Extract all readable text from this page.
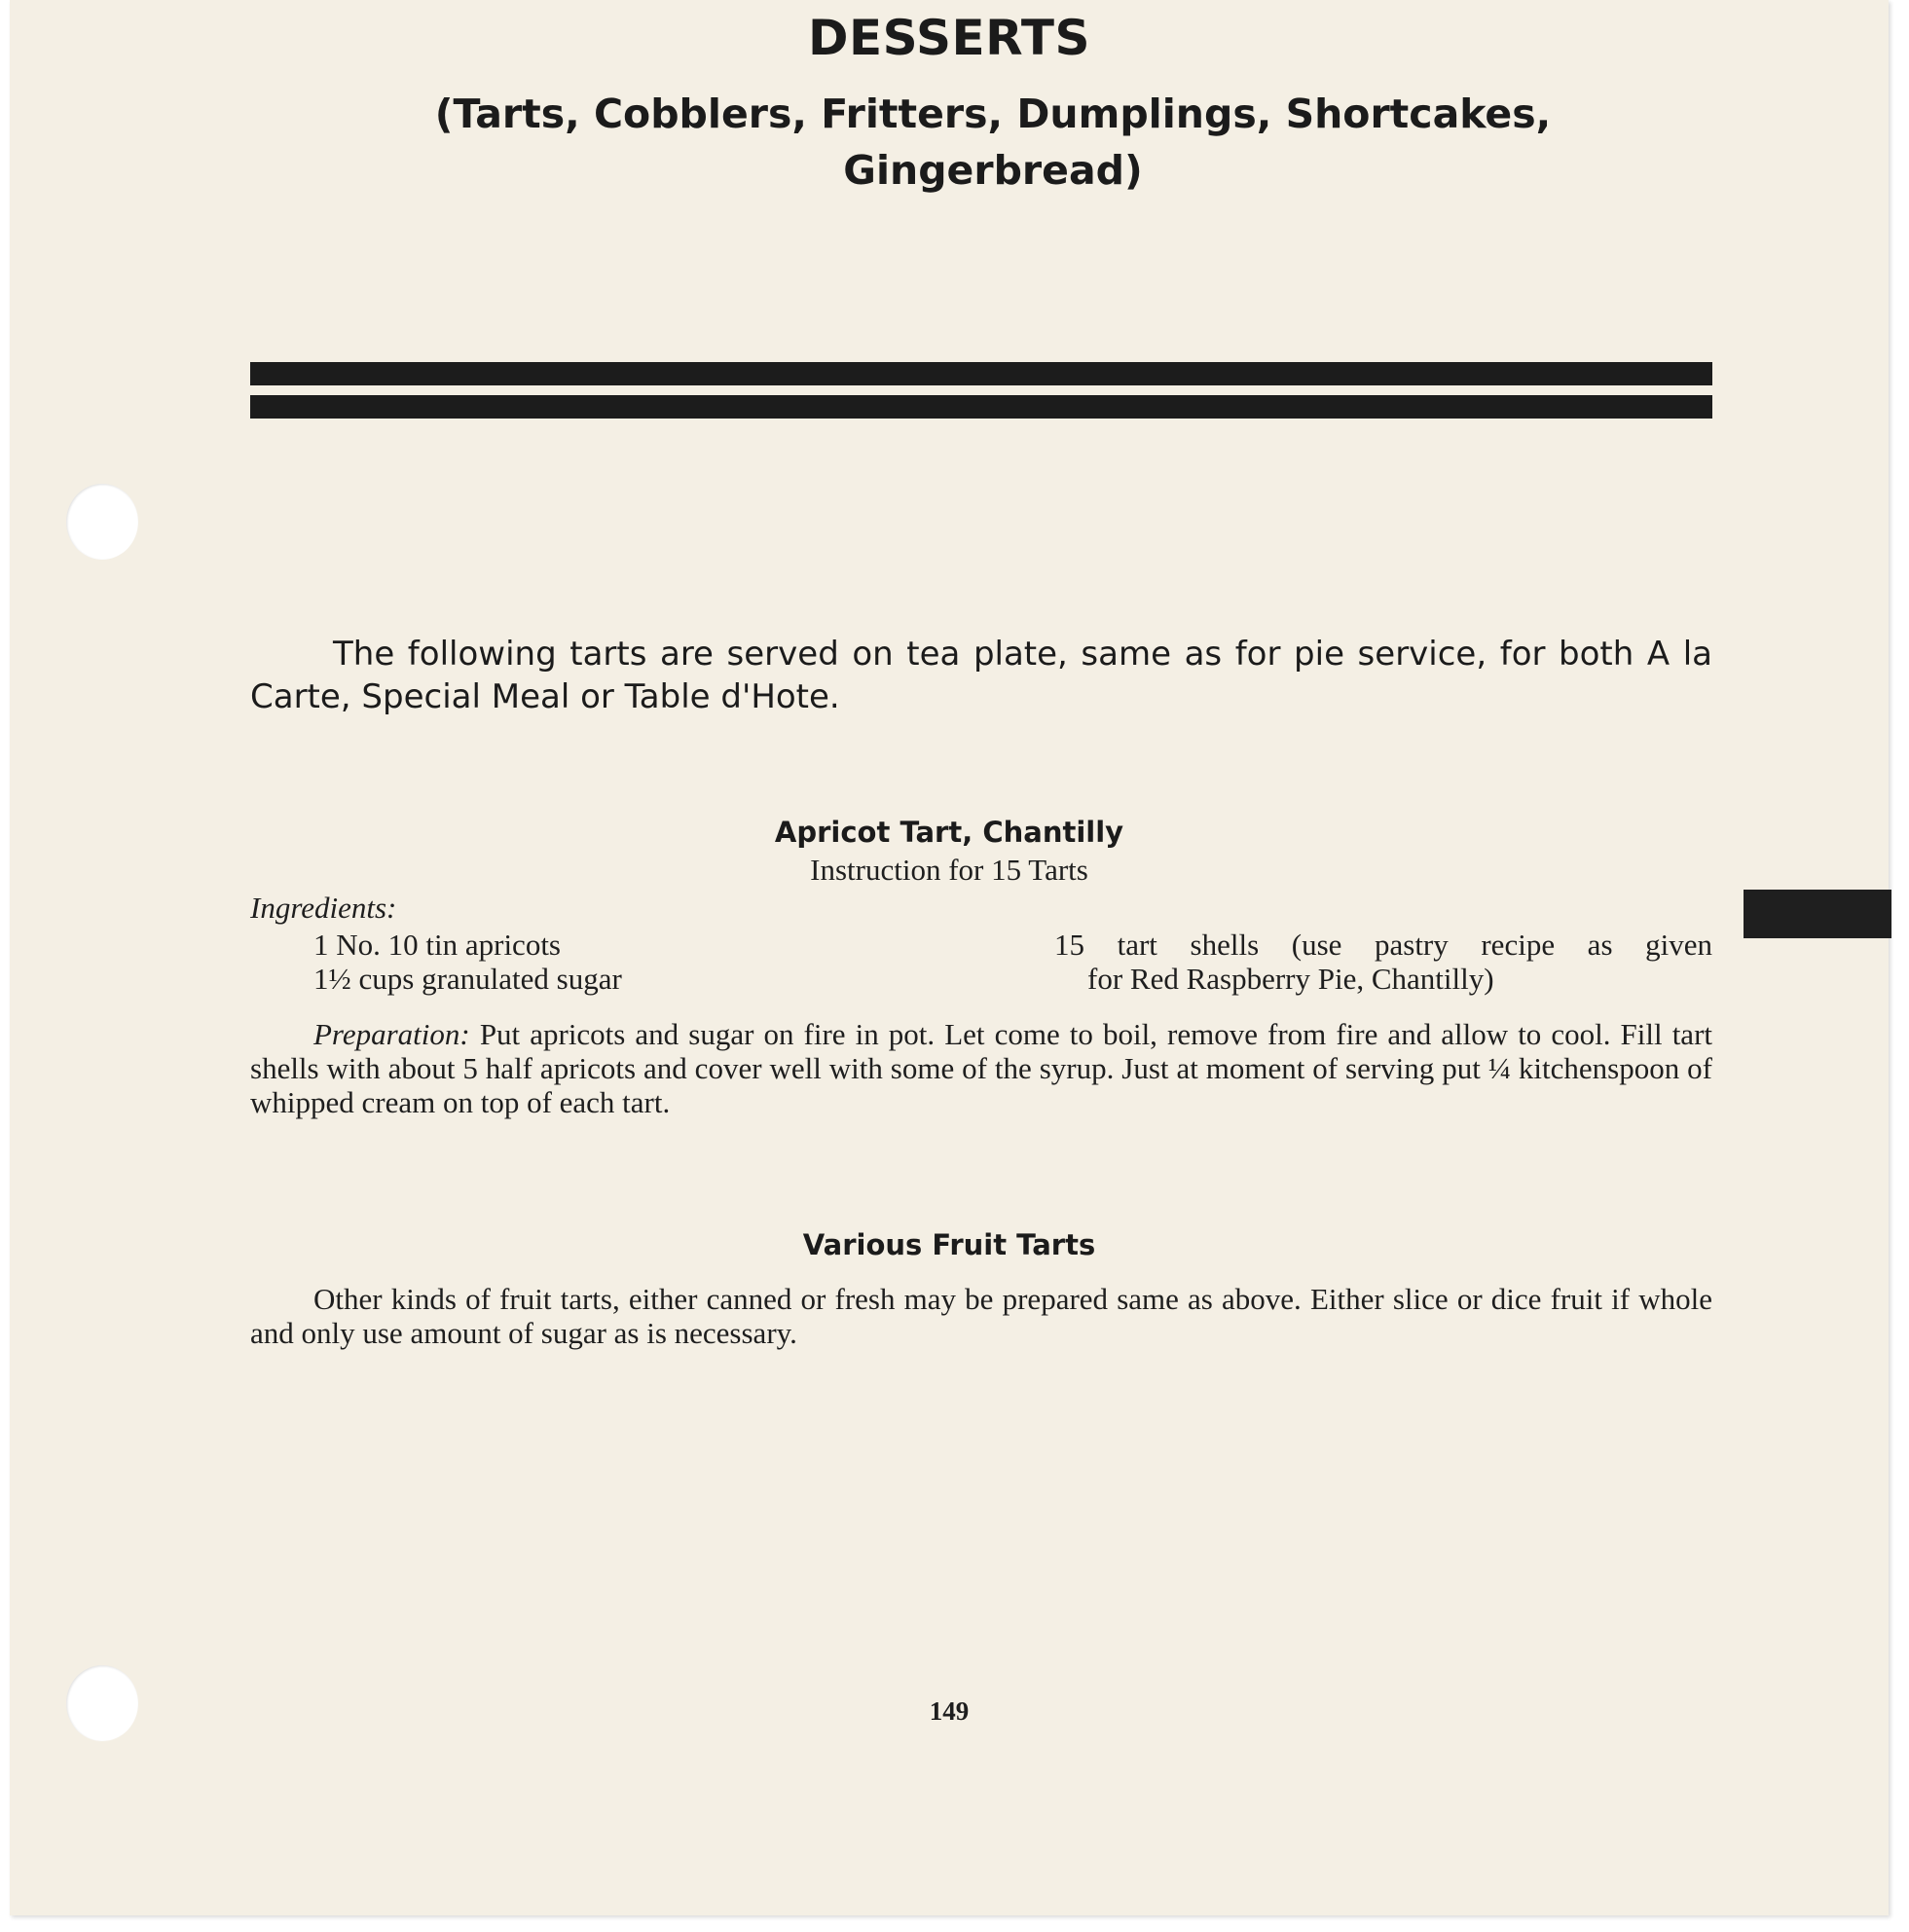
DESSERTS
(Tarts, Cobblers, Fritters, Dumplings, Shortcakes, Gingerbread)
The following tarts are served on tea plate, same as for pie service, for both A la Carte, Special Meal or Table d'Hote.
Apricot Tart, Chantilly
Instruction for 15 Tarts
Ingredients:
1 No. 10 tin apricots
1½ cups granulated sugar
15 tart shells (use pastry recipe as given
for Red Raspberry Pie, Chantilly)
Preparation: Put apricots and sugar on fire in pot. Let come to boil, remove from fire and allow to cool. Fill tart shells with about 5 half apricots and cover well with some of the syrup. Just at moment of serving put ¼ kitchenspoon of whipped cream on top of each tart.
Various Fruit Tarts
Other kinds of fruit tarts, either canned or fresh may be prepared same as above. Either slice or dice fruit if whole and only use amount of sugar as is necessary.
149
